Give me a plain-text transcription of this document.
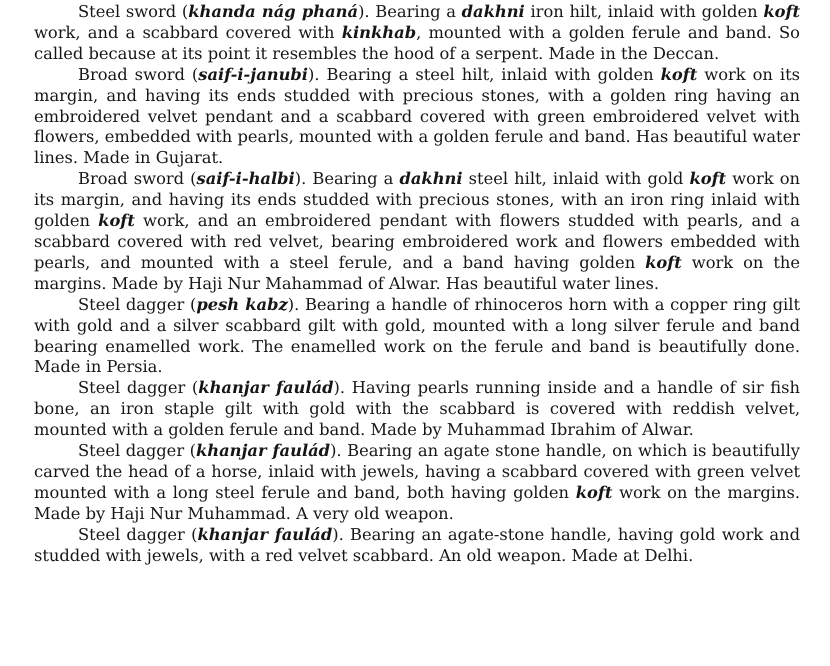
Steel sword (khanda nág phaná). Bearing a dakhni iron hilt, inlaid with golden koft work, and a scabbard covered with kinkhab, mounted with a golden ferule and band. So called because at its point it resembles the hood of a serpent. Made in the Deccan.

Broad sword (saif-i-janubi). Bearing a steel hilt, inlaid with golden koft work on its margin, and having its ends studded with precious stones, with a golden ring having an embroidered velvet pendant and a scabbard covered with green embroidered velvet with flowers, embedded with pearls, mounted with a golden ferule and band. Has beautiful water lines. Made in Gujarat.

Broad sword (saif-i-halbi). Bearing a dakhni steel hilt, inlaid with gold koft work on its margin, and having its ends studded with precious stones, with an iron ring inlaid with golden koft work, and an embroidered pendant with flowers studded with pearls, and a scabbard covered with red velvet, bearing embroidered work and flowers embedded with pearls, and mounted with a steel ferule, and a band having golden koft work on the margins. Made by Haji Nur Mahammad of Alwar. Has beautiful water lines.

Steel dagger (pesh kabz). Bearing a handle of rhinoceros horn with a copper ring gilt with gold and a silver scabbard gilt with gold, mounted with a long silver ferule and band bearing enamelled work. The enamelled work on the ferule and band is beautifully done. Made in Persia.

Steel dagger (khanjar faulád). Having pearls running inside and a handle of sir fish bone, an iron staple gilt with gold with the scabbard is covered with reddish velvet, mounted with a golden ferule and band. Made by Muhammad Ibrahim of Alwar.

Steel dagger (khanjar faulád). Bearing an agate stone handle, on which is beautifully carved the head of a horse, inlaid with jewels, having a scabbard covered with green velvet mounted with a long steel ferule and band, both having golden koft work on the margins. Made by Haji Nur Muhammad. A very old weapon.

Steel dagger (khanjar faulád). Bearing an agate-stone handle, having gold work and studded with jewels, with a red velvet scabbard. An old weapon. Made at Delhi.
